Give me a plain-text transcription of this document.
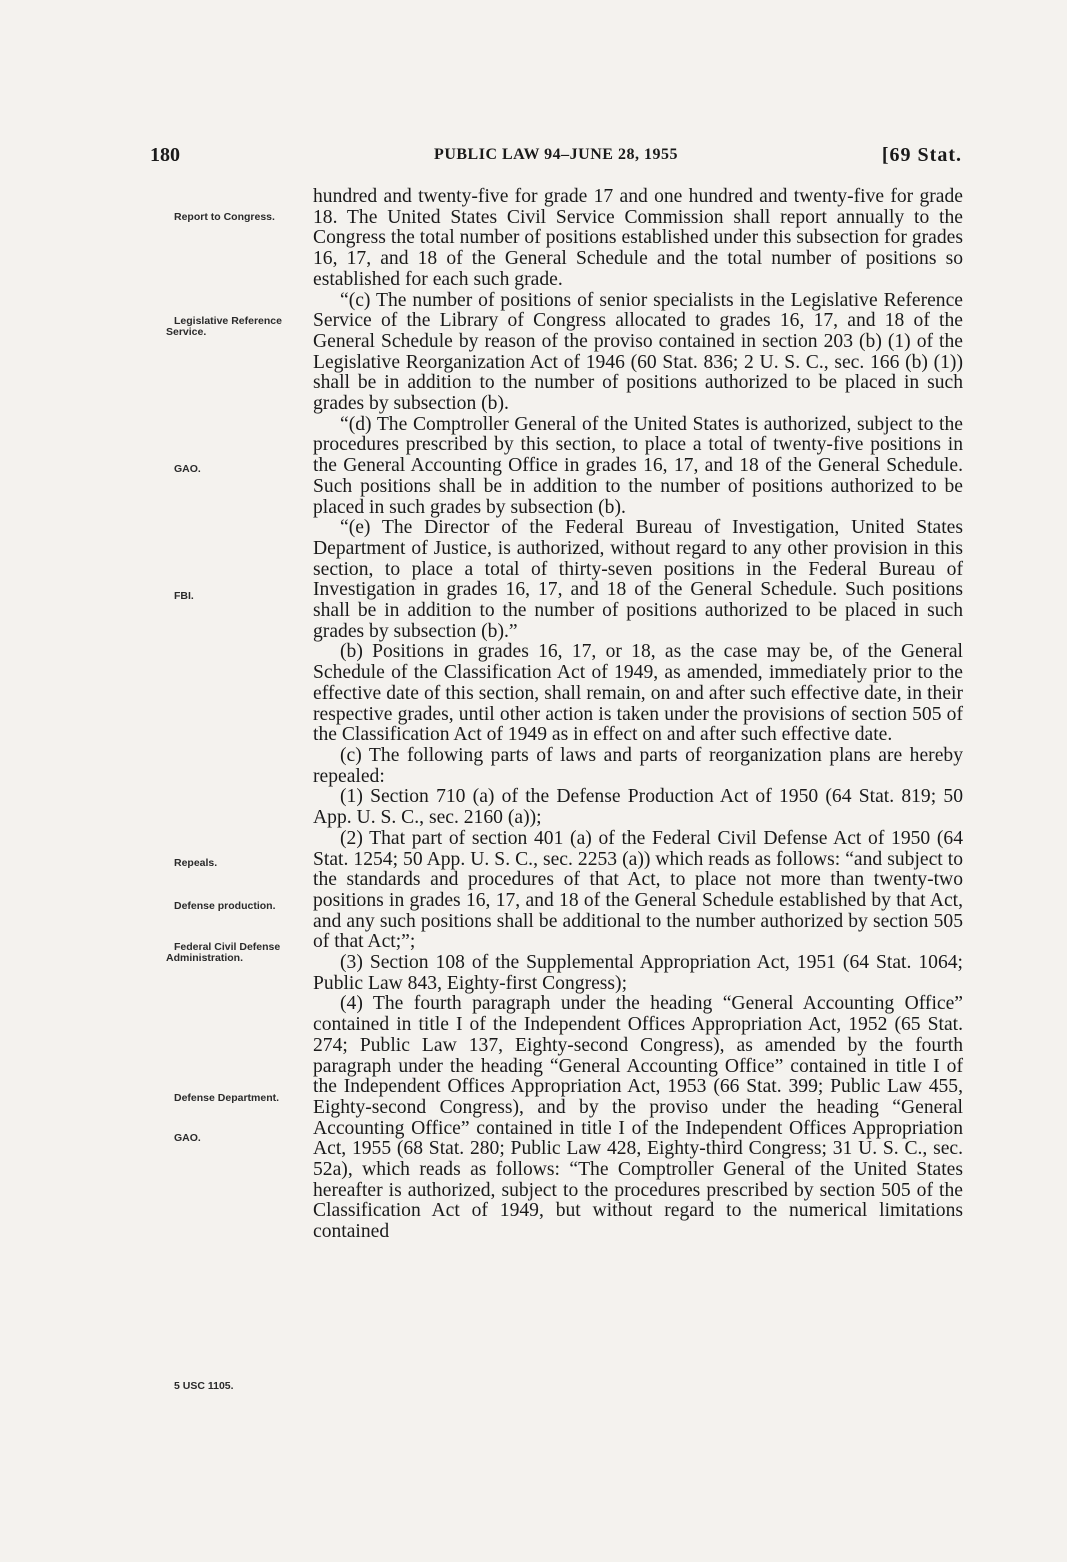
180	PUBLIC LAW 94–JUNE 28, 1955	[69 Stat.
Report to Congress.
Legislative Reference Service.
GAO.
FBI.
Repeals.
Defense production.
Federal Civil Defense Administration.
Defense Department.
GAO.
5 USC 1105.

hundred and twenty-five for grade 17 and one hundred and twenty-five for grade 18. The United States Civil Service Commission shall report annually to the Congress the total number of positions established under this subsection for grades 16, 17, and 18 of the General Schedule and the total number of positions so established for each such grade.

“(c) The number of positions of senior specialists in the Legislative Reference Service of the Library of Congress allocated to grades 16, 17, and 18 of the General Schedule by reason of the proviso contained in section 203 (b) (1) of the Legislative Reorganization Act of 1946 (60 Stat. 836; 2 U. S. C., sec. 166 (b) (1)) shall be in addition to the number of positions authorized to be placed in such grades by subsection (b).

“(d) The Comptroller General of the United States is authorized, subject to the procedures prescribed by this section, to place a total of twenty-five positions in the General Accounting Office in grades 16, 17, and 18 of the General Schedule. Such positions shall be in addition to the number of positions authorized to be placed in such grades by subsection (b).

“(e) The Director of the Federal Bureau of Investigation, United States Department of Justice, is authorized, without regard to any other provision in this section, to place a total of thirty-seven positions in the Federal Bureau of Investigation in grades 16, 17, and 18 of the General Schedule. Such positions shall be in addition to the number of positions authorized to be placed in such grades by subsection (b).”

(b) Positions in grades 16, 17, or 18, as the case may be, of the General Schedule of the Classification Act of 1949, as amended, immediately prior to the effective date of this section, shall remain, on and after such effective date, in their respective grades, until other action is taken under the provisions of section 505 of the Classification Act of 1949 as in effect on and after such effective date.

(c) The following parts of laws and parts of reorganization plans are hereby repealed:

(1) Section 710 (a) of the Defense Production Act of 1950 (64 Stat. 819; 50 App. U. S. C., sec. 2160 (a));

(2) That part of section 401 (a) of the Federal Civil Defense Act of 1950 (64 Stat. 1254; 50 App. U. S. C., sec. 2253 (a)) which reads as follows: “and subject to the standards and procedures of that Act, to place not more than twenty-two positions in grades 16, 17, and 18 of the General Schedule established by that Act, and any such positions shall be additional to the number authorized by section 505 of that Act;”;

(3) Section 108 of the Supplemental Appropriation Act, 1951 (64 Stat. 1064; Public Law 843, Eighty-first Congress);

(4) The fourth paragraph under the heading “General Accounting Office” contained in title I of the Independent Offices Appropriation Act, 1952 (65 Stat. 274; Public Law 137, Eighty-second Congress), as amended by the fourth paragraph under the heading “General Accounting Office” contained in title I of the Independent Offices Appropriation Act, 1953 (66 Stat. 399; Public Law 455, Eighty-second Congress), and by the proviso under the heading “General Accounting Office” contained in title I of the Independent Offices Appropriation Act, 1955 (68 Stat. 280; Public Law 428, Eighty-third Congress; 31 U. S. C., sec. 52a), which reads as follows: “The Comptroller General of the United States hereafter is authorized, subject to the procedures prescribed by section 505 of the Classification Act of 1949, but without regard to the numerical limitations contained
